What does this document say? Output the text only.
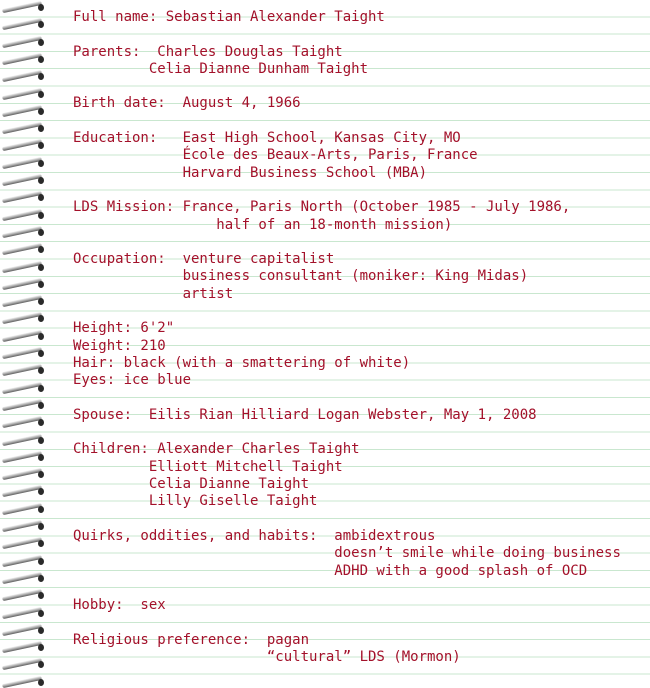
Full name: Sebastian Alexander Taight
Parents:  Charles Douglas Taight
Celia Dianne Dunham Taight
Birth date:  August 4, 1966
Education:   East High School, Kansas City, MO
École des Beaux-Arts, Paris, France
Harvard Business School (MBA)
LDS Mission: France, Paris North (October 1985 - July 1986,
half of an 18-month mission)
Occupation:  venture capitalist
business consultant (moniker: King Midas)
artist
Height: 6'2"
Weight: 210
Hair: black (with a smattering of white)
Eyes: ice blue
Spouse:  Eilis Rian Hilliard Logan Webster, May 1, 2008
Children: Alexander Charles Taight
Elliott Mitchell Taight
Celia Dianne Taight
Lilly Giselle Taight
Quirks, oddities, and habits:  ambidextrous
doesn’t smile while doing business
ADHD with a good splash of OCD
Hobby:  sex
Religious preference:  pagan
“cultural” LDS (Mormon)
